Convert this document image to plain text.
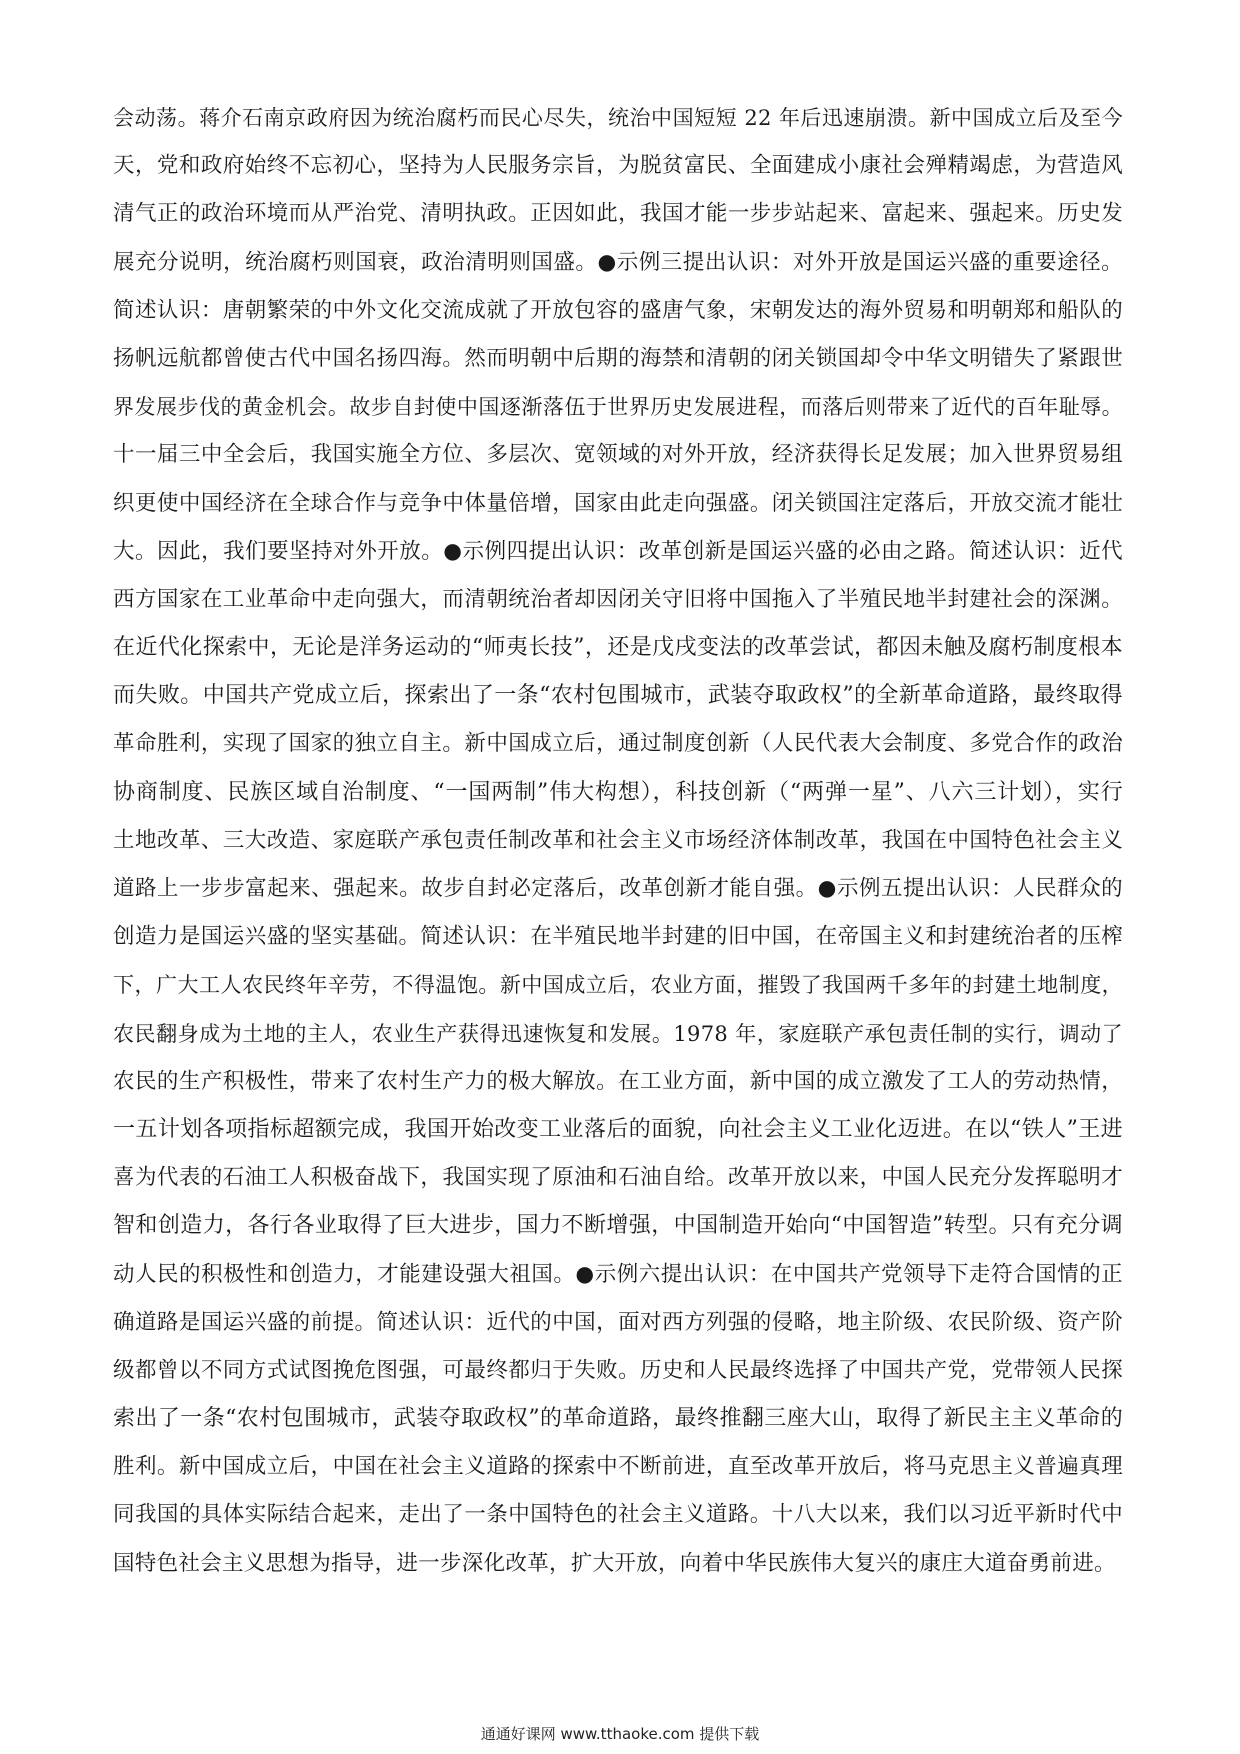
会动荡。蒋介石南京政府因为统治腐朽而民心尽失，统治中国短短 22 年后迅速崩溃。新中国成立后及至今
天，党和政府始终不忘初心，坚持为人民服务宗旨，为脱贫富民、全面建成小康社会殚精竭虑，为营造风
清气正的政治环境而从严治党、清明执政。正因如此，我国才能一步步站起来、富起来、强起来。历史发
展充分说明，统治腐朽则国衰，政治清明则国盛。●示例三提出认识：对外开放是国运兴盛的重要途径。
简述认识：唐朝繁荣的中外文化交流成就了开放包容的盛唐气象，宋朝发达的海外贸易和明朝郑和船队的
扬帆远航都曾使古代中国名扬四海。然而明朝中后期的海禁和清朝的闭关锁国却令中华文明错失了紧跟世
界发展步伐的黄金机会。故步自封使中国逐渐落伍于世界历史发展进程，而落后则带来了近代的百年耻辱。
十一届三中全会后，我国实施全方位、多层次、宽领域的对外开放，经济获得长足发展；加入世界贸易组
织更使中国经济在全球合作与竞争中体量倍增，国家由此走向强盛。闭关锁国注定落后，开放交流才能壮
大。因此，我们要坚持对外开放。●示例四提出认识：改革创新是国运兴盛的必由之路。简述认识：近代
西方国家在工业革命中走向强大，而清朝统治者却因闭关守旧将中国拖入了半殖民地半封建社会的深渊。
在近代化探索中，无论是洋务运动的“师夷长技”，还是戊戌变法的改革尝试，都因未触及腐朽制度根本
而失败。中国共产党成立后，探索出了一条“农村包围城市，武装夺取政权”的全新革命道路，最终取得
革命胜利，实现了国家的独立自主。新中国成立后，通过制度创新（人民代表大会制度、多党合作的政治
协商制度、民族区域自治制度、“一国两制”伟大构想），科技创新（“两弹一星”、八六三计划），实行
土地改革、三大改造、家庭联产承包责任制改革和社会主义市场经济体制改革，我国在中国特色社会主义
道路上一步步富起来、强起来。故步自封必定落后，改革创新才能自强。●示例五提出认识：人民群众的
创造力是国运兴盛的坚实基础。简述认识：在半殖民地半封建的旧中国，在帝国主义和封建统治者的压榨
下，广大工人农民终年辛劳，不得温饱。新中国成立后，农业方面，摧毁了我国两千多年的封建土地制度，
农民翻身成为土地的主人，农业生产获得迅速恢复和发展。1978 年，家庭联产承包责任制的实行，调动了
农民的生产积极性，带来了农村生产力的极大解放。在工业方面，新中国的成立激发了工人的劳动热情，
一五计划各项指标超额完成，我国开始改变工业落后的面貌，向社会主义工业化迈进。在以“铁人”王进
喜为代表的石油工人积极奋战下，我国实现了原油和石油自给。改革开放以来，中国人民充分发挥聪明才
智和创造力，各行各业取得了巨大进步，国力不断增强，中国制造开始向“中国智造”转型。只有充分调
动人民的积极性和创造力，才能建设强大祖国。●示例六提出认识：在中国共产党领导下走符合国情的正
确道路是国运兴盛的前提。简述认识：近代的中国，面对西方列强的侵略，地主阶级、农民阶级、资产阶
级都曾以不同方式试图挽危图强，可最终都归于失败。历史和人民最终选择了中国共产党，党带领人民探
索出了一条“农村包围城市，武装夺取政权”的革命道路，最终推翻三座大山，取得了新民主主义革命的
胜利。新中国成立后，中国在社会主义道路的探索中不断前进，直至改革开放后，将马克思主义普遍真理
同我国的具体实际结合起来，走出了一条中国特色的社会主义道路。十八大以来，我们以习近平新时代中
国特色社会主义思想为指导，进一步深化改革，扩大开放，向着中华民族伟大复兴的康庄大道奋勇前进。
通通好课网 www.tthaoke.com 提供下载
